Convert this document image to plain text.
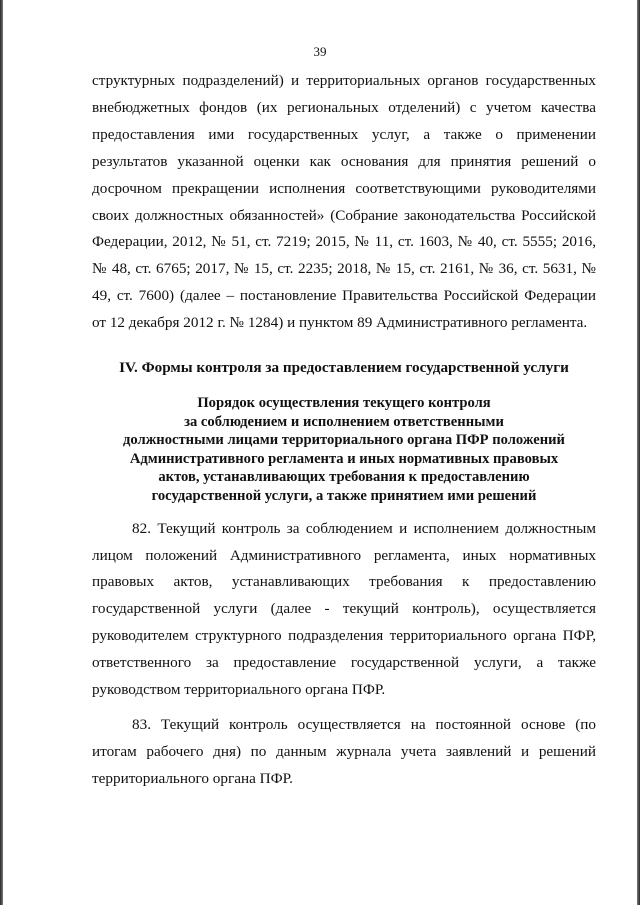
39

структурных подразделений) и территориальных органов государственных внебюджетных фондов (их региональных отделений) с учетом качества предоставления ими государственных услуг, а также о применении результатов указанной оценки как основания для принятия решений о досрочном прекращении исполнения соответствующими руководителями своих должностных обязанностей» (Собрание законодательства Российской Федерации, 2012, № 51, ст. 7219; 2015, № 11, ст. 1603, № 40, ст. 5555; 2016, № 48, ст. 6765; 2017, № 15, ст. 2235; 2018, № 15, ст. 2161, № 36, ст. 5631, № 49, ст. 7600) (далее – постановление Правительства Российской Федерации от 12 декабря 2012 г. № 1284) и пунктом 89 Административного регламента.

IV. Формы контроля за предоставлением государственной услуги
Порядок осуществления текущего контроля
за соблюдением и исполнением ответственными
должностными лицами территориального органа ПФР положений
Административного регламента и иных нормативных правовых
актов, устанавливающих требования к предоставлению
государственной услуги, а также принятием ими решений

82. Текущий контроль за соблюдением и исполнением должностным лицом положений Административного регламента, иных нормативных правовых актов, устанавливающих требования к предоставлению государственной услуги (далее - текущий контроль), осуществляется руководителем структурного подразделения территориального органа ПФР, ответственного за предоставление государственной услуги, а также руководством территориального органа ПФР.

83. Текущий контроль осуществляется на постоянной основе (по итогам рабочего дня) по данным журнала учета заявлений и решений территориального органа ПФР.
